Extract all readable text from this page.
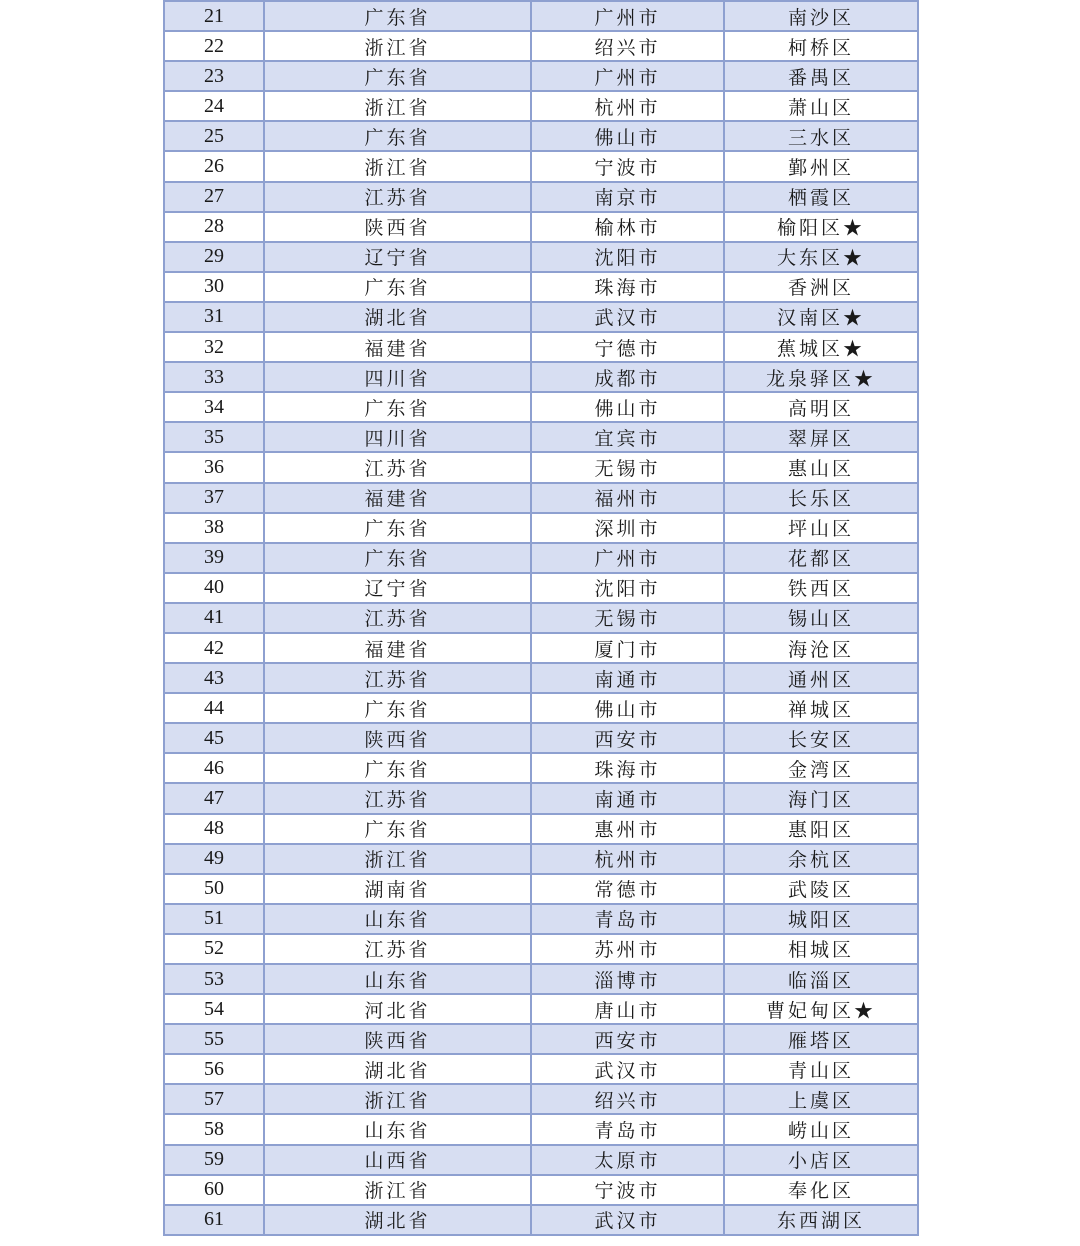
21	广东省	广州市	南沙区
22	浙江省	绍兴市	柯桥区
23	广东省	广州市	番禺区
24	浙江省	杭州市	萧山区
25	广东省	佛山市	三水区
26	浙江省	宁波市	鄞州区
27	江苏省	南京市	栖霞区
28	陕西省	榆林市	榆阳区★
29	辽宁省	沈阳市	大东区★
30	广东省	珠海市	香洲区
31	湖北省	武汉市	汉南区★
32	福建省	宁德市	蕉城区★
33	四川省	成都市	龙泉驿区★
34	广东省	佛山市	高明区
35	四川省	宜宾市	翠屏区
36	江苏省	无锡市	惠山区
37	福建省	福州市	长乐区
38	广东省	深圳市	坪山区
39	广东省	广州市	花都区
40	辽宁省	沈阳市	铁西区
41	江苏省	无锡市	锡山区
42	福建省	厦门市	海沧区
43	江苏省	南通市	通州区
44	广东省	佛山市	禅城区
45	陕西省	西安市	长安区
46	广东省	珠海市	金湾区
47	江苏省	南通市	海门区
48	广东省	惠州市	惠阳区
49	浙江省	杭州市	余杭区
50	湖南省	常德市	武陵区
51	山东省	青岛市	城阳区
52	江苏省	苏州市	相城区
53	山东省	淄博市	临淄区
54	河北省	唐山市	曹妃甸区★
55	陕西省	西安市	雁塔区
56	湖北省	武汉市	青山区
57	浙江省	绍兴市	上虞区
58	山东省	青岛市	崂山区
59	山西省	太原市	小店区
60	浙江省	宁波市	奉化区
61	湖北省	武汉市	东西湖区
